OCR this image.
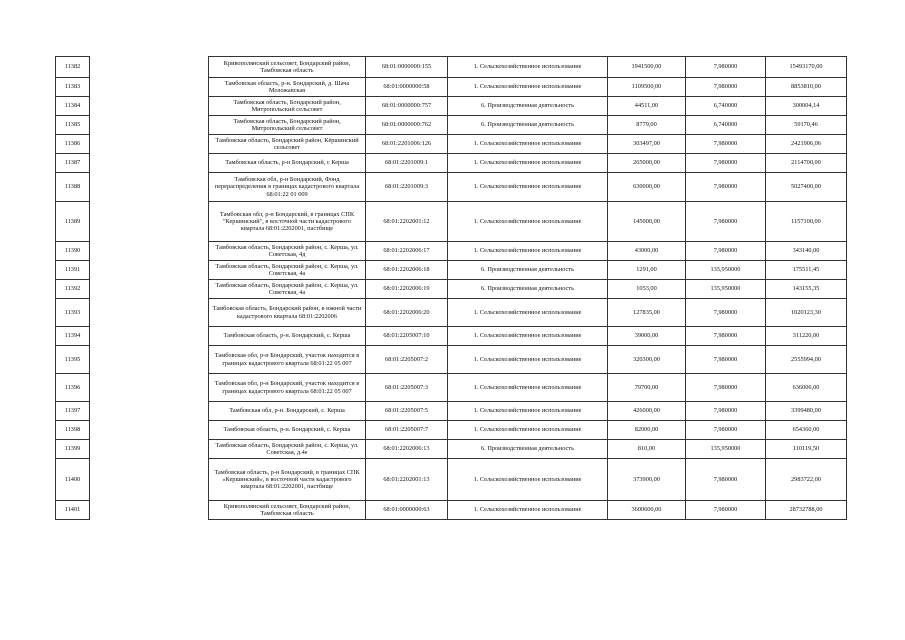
11382		Кривополянский сельсовет, Бондарский район, Тамбовская область	68:01:0000000:155	1. Сельскохозяйственное использование	1941500,00	7,980000	15493170,00
11383		Тамбовская область, р-н. Бондарский, д. Шача Моложавская	68:01:0000000:58	1. Сельскохозяйственное использование	1109500,00	7,980000	8853810,00
11384		Тамбовская область, Бондарский район, Митропольский сельсовет	68:01:0000000:757	6. Производственная деятельность	44511,00	6,740000	300004,14
11385		Тамбовская область, Бондарский район, Митропольский сельсовет	68:01:0000000:762	6. Производственная деятельность	8779,00	6,740000	59170,46
11386		Тамбовская область, Бондарский район, Кёршинский сельсовет	68:01:2201006:126	1. Сельскохозяйственное использование	303497,00	7,980000	2421906,06
11387		Тамбовская область, р-н Бондарский, с Керша	68:01:2201009:1	1. Сельскохозяйственное использование	265000,00	7,980000	2114700,00
11388		Тамбовская обл, р-н Бондарский, Фонд перераспределения в границах кадастрового квартала 68:01:22 01 009	68:01:2201009:3	1. Сельскохозяйственное использование	630000,00	7,980000	5027400,00
11389		Тамбовская обл, р-н Бондарский, в границах СПК "Кершинский", в восточной части кадастрового квартала 68:01:2202001, пастбище	68:01:2202001:12	1. Сельскохозяйственное использование	145000,00	7,980000	1157100,00
11390		Тамбовская область, Бондарский район, с. Керша, ул. Советская, 4д	68:01:2202006:17	1. Сельскохозяйственное использование	43000,00	7,980000	343140,00
11391		Тамбовская область, Бондарский район, с. Керша, ул. Советская, 4а	68:01:2202006:18	6. Производственная деятельность	1291,00	135,950000	175511,45
11392		Тамбовская область, Бондарский район, с. Керша, ул. Советская, 4а	68:01:2202006:19	6. Производственная деятельность	1053,00	135,950000	143155,35
11393		Тамбовская область, Бондарский район, в южной части кадастрового квартала 68:01:2202006	68:01:2202006:20	1. Сельскохозяйственное использование	127835,00	7,980000	1020123,30
11394		Тамбовская область, р-н. Бондарский, с. Керша	68:01:2205007:10	1. Сельскохозяйственное использование	39000,00	7,980000	311220,00
11395		Тамбовская обл, р-н Бондарский, участок находится в границах кадастрового квартала 68:01:22 05 007	68:01:2205007:2	1. Сельскохозяйственное использование	320300,00	7,980000	2555994,00
11396		Тамбовская обл, р-н Бондарский, участок находится в границах кадастрового квартала 68:01:22 05 007	68:01:2205007:3	1. Сельскохозяйственное использование	79700,00	7,980000	636006,00
11397		Тамбовская обл, р-н. Бондарский, с. Керша	68:01:2205007:5	1. Сельскохозяйственное использование	426000,00	7,980000	3399480,00
11398		Тамбовская область, р-н. Бондарский, с. Керша	68:01:2205007:7	1. Сельскохозяйственное использование	82000,00	7,980000	654360,00
11399		Тамбовская область, Бондарский район, с. Керша, ул. Советская, д.4е	68:01:2202006:13	6. Производственная деятельность	810,00	135,950000	110119,50
11400		Тамбовская область, р-н Бондарский, в границах СПК «Кершинский», в восточной части кадастрового квартала 68:01:2202001, пастбище	68:01:2202001:13	1. Сельскохозяйственное использование	373900,00	7,980000	2983722,00
11401		Кривополянский сельсовет, Бондарский район, Тамбовская область	68:01:0000000:63	1. Сельскохозяйственное использование	3600600,00	7,980000	28732788,00
